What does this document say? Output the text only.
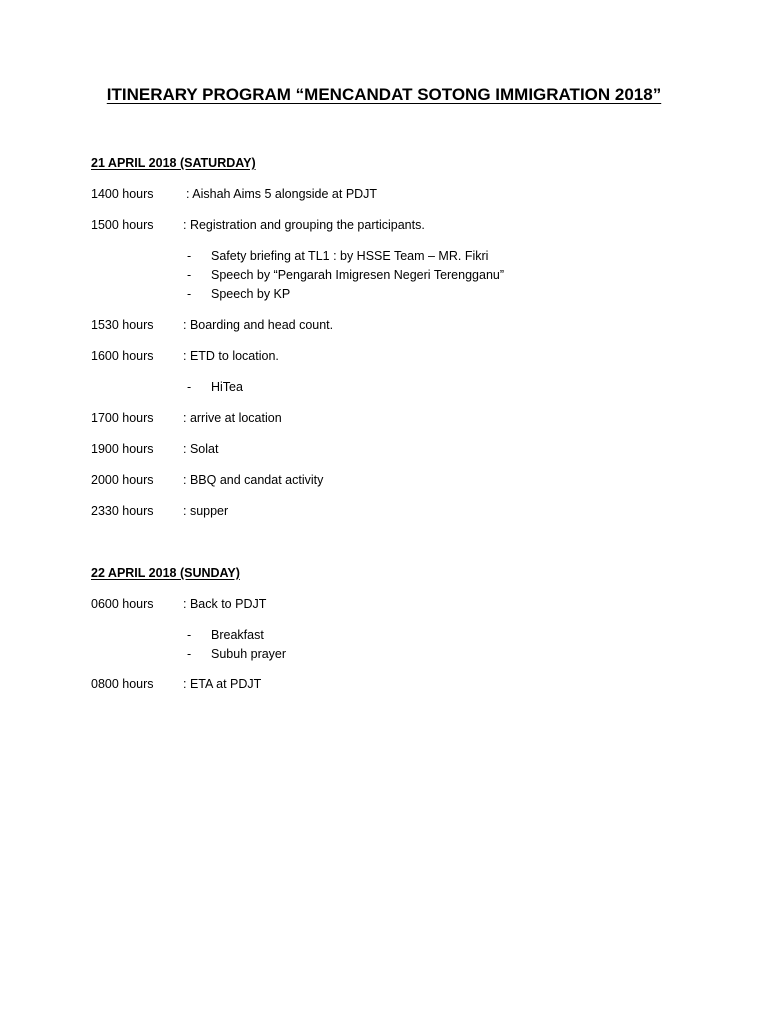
ITINERARY PROGRAM “MENCANDAT SOTONG IMMIGRATION 2018”
21 APRIL 2018 (SATURDAY)
1400 hours	: Aishah Aims 5 alongside at PDJT
1500 hours : Registration and grouping the participants.
- Safety briefing at TL1 : by HSSE Team – MR. Fikri
- Speech by “Pengarah Imigresen Negeri Terengganu”
- Speech by KP
1530 hours : Boarding and head count.
1600 hours : ETD to location.
- HiTea
1700 hours : arrive at location
1900 hours : Solat
2000 hours : BBQ and candat activity
2330 hours : supper
22 APRIL 2018 (SUNDAY)
0600 hours : Back to PDJT
- Breakfast
- Subuh prayer
0800 hours : ETA at PDJT
